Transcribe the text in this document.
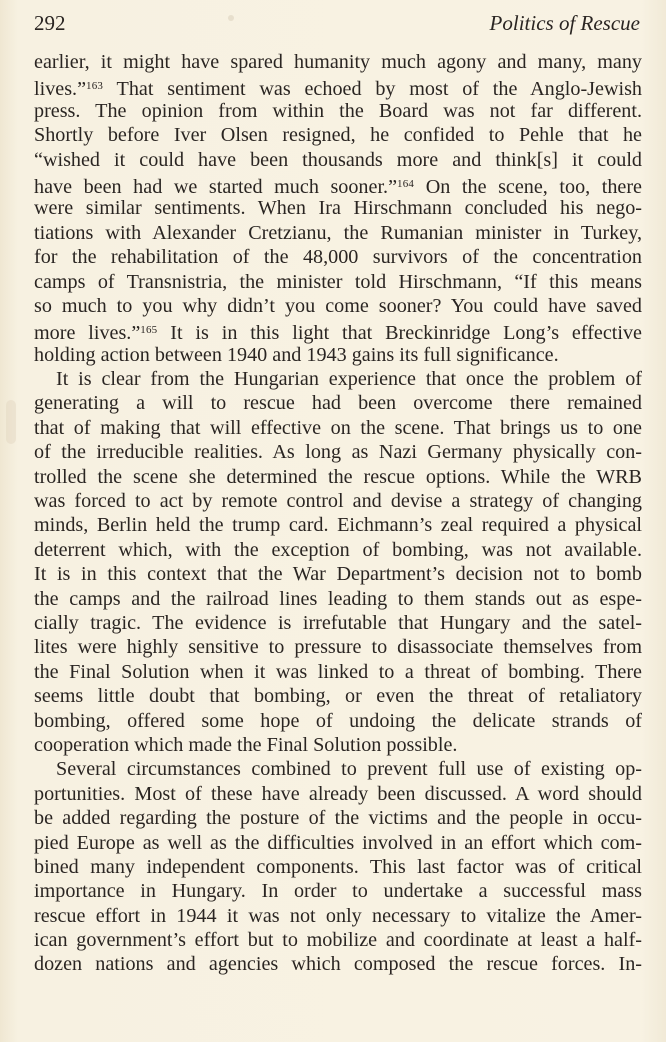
292	Politics of Rescue
earlier, it might have spared humanity much agony and many, many
lives.”$^{163}$ That sentiment was echoed by most of the Anglo-Jewish
press. The opinion from within the Board was not far different.
Shortly before Iver Olsen resigned, he confided to Pehle that he
“wished it could have been thousands more and think[s] it could
have been had we started much sooner.”$^{164}$ On the scene, too, there
were similar sentiments. When Ira Hirschmann concluded his nego-
tiations with Alexander Cretzianu, the Rumanian minister in Turkey,
for the rehabilitation of the 48,000 survivors of the concentration
camps of Transnistria, the minister told Hirschmann, “If this means
so much to you why didn’t you come sooner? You could have saved
more lives.”$^{165}$ It is in this light that Breckinridge Long’s effective
holding action between 1940 and 1943 gains its full significance.
It is clear from the Hungarian experience that once the problem of
generating a will to rescue had been overcome there remained
that of making that will effective on the scene. That brings us to one
of the irreducible realities. As long as Nazi Germany physically con-
trolled the scene she determined the rescue options. While the WRB
was forced to act by remote control and devise a strategy of changing
minds, Berlin held the trump card. Eichmann’s zeal required a physical
deterrent which, with the exception of bombing, was not available.
It is in this context that the War Department’s decision not to bomb
the camps and the railroad lines leading to them stands out as espe-
cially tragic. The evidence is irrefutable that Hungary and the satel-
lites were highly sensitive to pressure to disassociate themselves from
the Final Solution when it was linked to a threat of bombing. There
seems little doubt that bombing, or even the threat of retaliatory
bombing, offered some hope of undoing the delicate strands of
cooperation which made the Final Solution possible.
Several circumstances combined to prevent full use of existing op-
portunities. Most of these have already been discussed. A word should
be added regarding the posture of the victims and the people in occu-
pied Europe as well as the difficulties involved in an effort which com-
bined many independent components. This last factor was of critical
importance in Hungary. In order to undertake a successful mass
rescue effort in 1944 it was not only necessary to vitalize the Amer-
ican government’s effort but to mobilize and coordinate at least a half-
dozen nations and agencies which composed the rescue forces. In-
